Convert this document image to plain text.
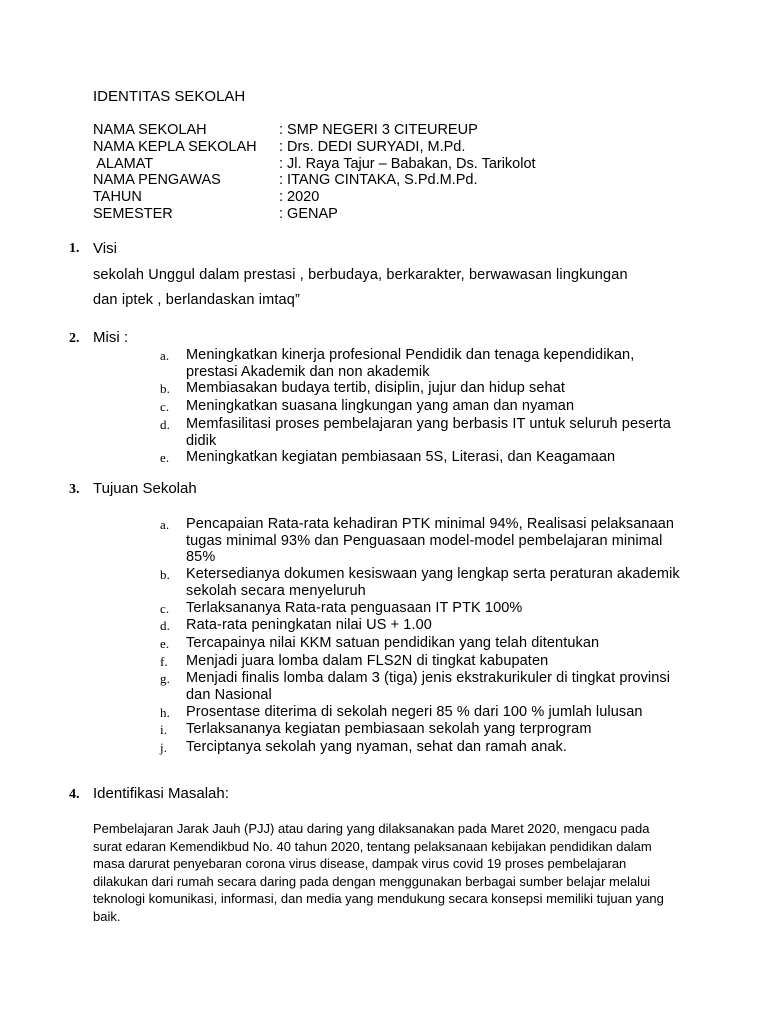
IDENTITAS SEKOLAH
NAMA SEKOLAH	: SMP NEGERI 3 CITEUREUP
NAMA KEPLA SEKOLAH	: Drs. DEDI SURYADI, M.Pd.
ALAMAT	: Jl. Raya Tajur – Babakan, Ds. Tarikolot
NAMA PENGAWAS	: ITANG CINTAKA, S.Pd.M.Pd.
TAHUN	: 2020
SEMESTER	: GENAP
1. Visi
sekolah Unggul dalam prestasi , berbudaya, berkarakter, berwawasan lingkungan dan iptek , berlandaskan imtaq”
2. Misi :
a.	Meningkatkan kinerja profesional Pendidik dan tenaga kependidikan, prestasi Akademik dan non akademik
b.	Membiasakan budaya tertib, disiplin, jujur dan hidup sehat
c.	Meningkatkan suasana lingkungan yang aman dan nyaman
d.	Memfasilitasi proses pembelajaran yang berbasis IT untuk seluruh peserta didik
e.	Meningkatkan kegiatan pembiasaan 5S, Literasi, dan Keagamaan
3. Tujuan Sekolah
a.	Pencapaian Rata-rata kehadiran PTK minimal 94%, Realisasi pelaksanaan tugas minimal 93% dan Penguasaan model-model pembelajaran minimal 85%
b.	Ketersedianya dokumen kesiswaan yang lengkap serta peraturan akademik sekolah secara menyeluruh
c.	Terlaksananya Rata-rata penguasaan IT PTK 100%
d.	Rata-rata peningkatan nilai US + 1.00
e.	Tercapainya nilai KKM satuan pendidikan yang telah ditentukan
f.	Menjadi juara lomba dalam FLS2N di tingkat kabupaten
g.	Menjadi finalis lomba dalam 3 (tiga) jenis ekstrakurikuler di tingkat provinsi dan Nasional
h.	Prosentase diterima di sekolah negeri 85 % dari 100 % jumlah lulusan
i.	Terlaksananya kegiatan pembiasaan sekolah yang terprogram
j.	Terciptanya sekolah yang nyaman, sehat dan ramah anak.
4. Identifikasi Masalah:
Pembelajaran Jarak Jauh (PJJ) atau daring yang dilaksanakan pada Maret 2020, mengacu pada surat edaran Kemendikbud No. 40 tahun 2020, tentang pelaksanaan kebijakan pendidikan dalam masa darurat penyebaran corona virus disease, dampak virus covid 19 proses pembelajaran dilakukan dari rumah secara daring pada dengan menggunakan berbagai sumber belajar melalui teknologi komunikasi, informasi, dan media yang mendukung secara konsepsi memiliki tujuan yang baik.
